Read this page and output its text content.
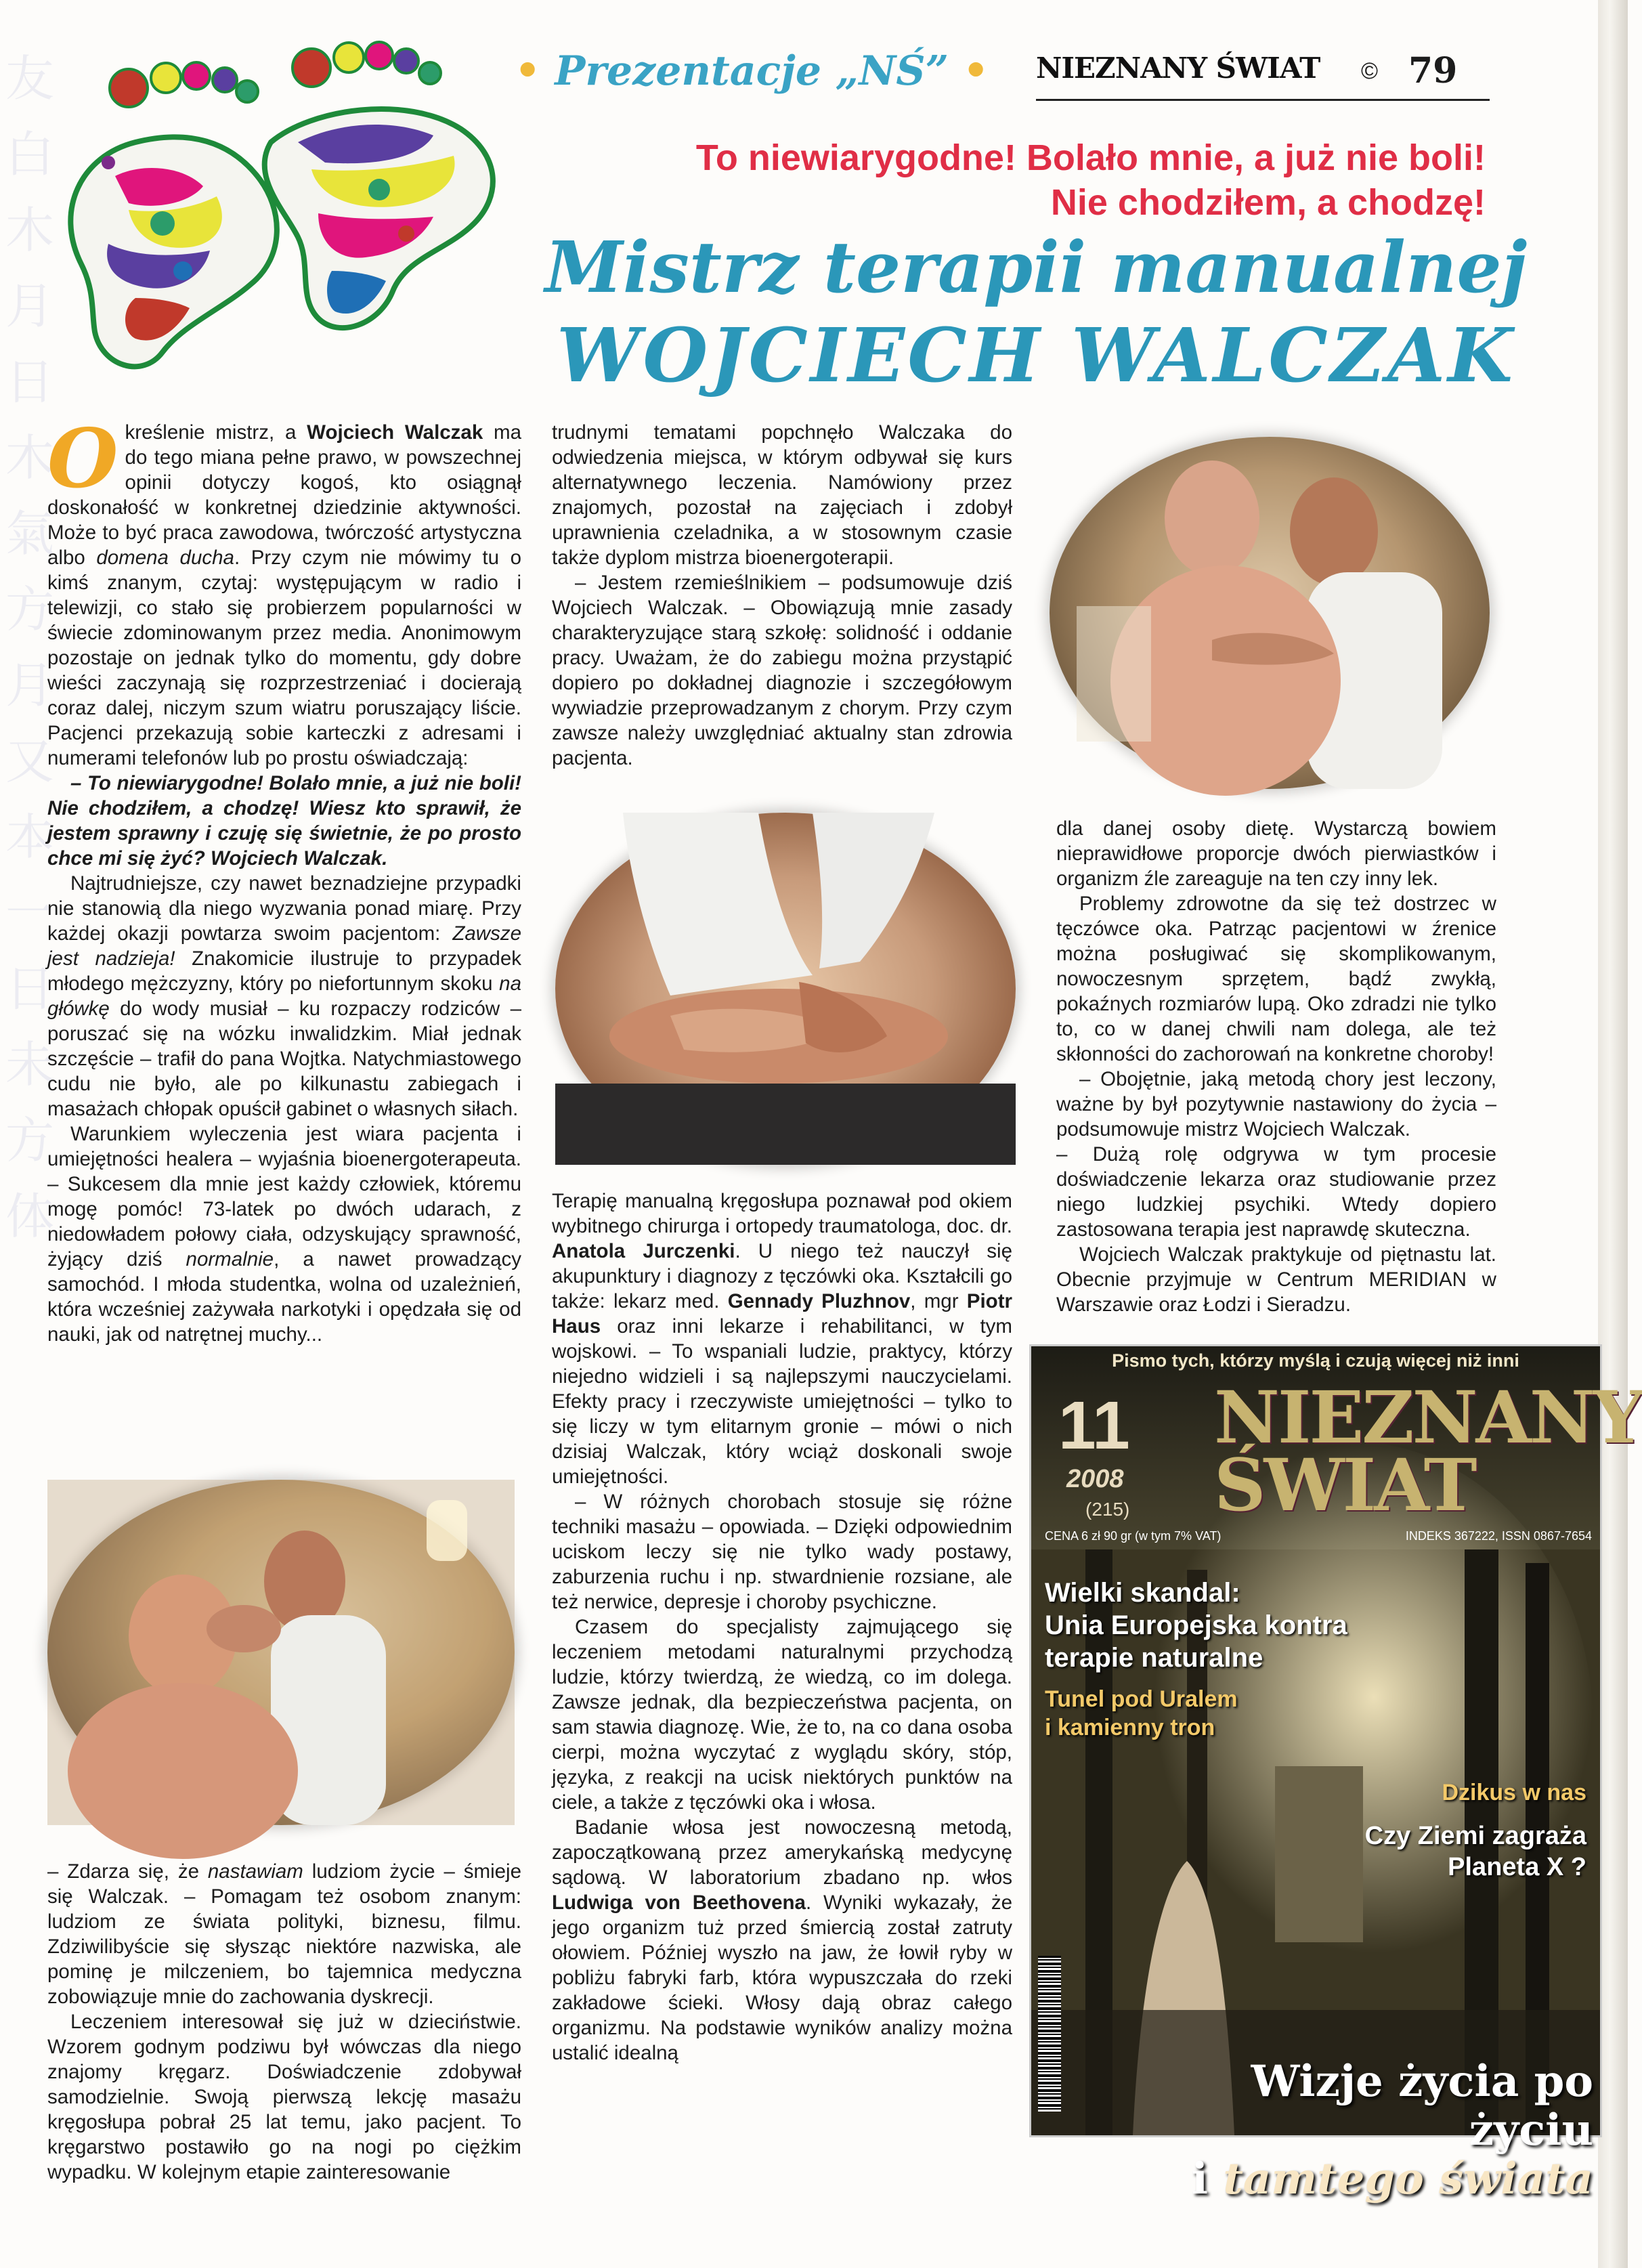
友 白 木 月 日 木 氣 方 月 又 本 一 日 未 方 体
• Prezentacje „NŚ” • NIEZNANY ŚWIAT © 79
To niewiarygodne! Bolało mnie, a już nie boli!
Nie chodziłem, a chodzę!
Mistrz terapii manualnej
WOJCIECH WALCZAK

Określenie mistrz, a Wojciech Walczak ma do tego miana pełne prawo, w powszechnej opinii dotyczy kogoś, kto osiągnął doskonałość w konkretnej dziedzinie aktywności. Może to być praca zawodowa, twórczość artystyczna albo domena ducha. Przy czym nie mówimy tu o kimś znanym, czytaj: występującym w radio i telewizji, co stało się probierzem popularności w świecie zdominowanym przez media. Anonimowym pozostaje on jednak tylko do momentu, gdy dobre wieści zaczynają się rozprzestrzeniać i docierają coraz dalej, niczym szum wiatru poruszający liście. Pacjenci przekazują sobie karteczki z adresami i numerami telefonów lub po prostu oświadczają:

– To niewiarygodne! Bolało mnie, a już nie boli! Nie chodziłem, a chodzę! Wiesz kto sprawił, że jestem sprawny i czuję się świetnie, że po prosto chce mi się żyć? Wojciech Walczak.

Najtrudniejsze, czy nawet beznadziejne przypadki nie stanowią dla niego wyzwania ponad miarę. Przy każdej okazji powtarza swoim pacjentom: Zawsze jest nadzieja! Znakomicie ilustruje to przypadek młodego mężczyzny, który po niefortunnym skoku na główkę do wody musiał – ku rozpaczy rodziców – poruszać się na wózku inwalidzkim. Miał jednak szczęście – trafił do pana Wojtka. Natychmiastowego cudu nie było, ale po kilkunastu zabiegach i masażach chłopak opuścił gabinet o własnych siłach.

Warunkiem wyleczenia jest wiara pacjenta i umiejętności healera – wyjaśnia bioenergoterapeuta. – Sukcesem dla mnie jest każdy człowiek, któremu mogę pomóc! 73-latek po dwóch udarach, z niedowładem połowy ciała, odzyskujący sprawność, żyjący dziś normalnie, a nawet prowadzący samochód. I młoda studentka, wolna od uzależnień, która wcześniej zażywała narkotyki i opędzała się od nauki, jak od natrętnej muchy...

– Zdarza się, że nastawiam ludziom życie – śmieje się Walczak. – Pomagam też osobom znanym: ludziom ze świata polityki, biznesu, filmu. Zdziwilibyście się słysząc niektóre nazwiska, ale pominę je milczeniem, bo tajemnica medyczna zobowiązuje mnie do zachowania dyskrecji.

Leczeniem interesował się już w dzieciństwie. Wzorem godnym podziwu był wówczas dla niego znajomy kręgarz. Doświadczenie zdobywał samodzielnie. Swoją pierwszą lekcję masażu kręgosłupa pobrał 25 lat temu, jako pacjent. To kręgarstwo postawiło go na nogi po ciężkim wypadku. W kolejnym etapie zainteresowanie

trudnymi tematami popchnęło Walczaka do odwiedzenia miejsca, w którym odbywał się kurs alternatywnego leczenia. Namówiony przez znajomych, pozostał na zajęciach i zdobył uprawnienia czeladnika, a w stosownym czasie także dyplom mistrza bioenergoterapii.

– Jestem rzemieślnikiem – podsumowuje dziś Wojciech Walczak. – Obowiązują mnie zasady charakteryzujące starą szkołę: solidność i oddanie pracy. Uważam, że do zabiegu można przystąpić dopiero po dokładnej diagnozie i szczegółowym wywiadzie przeprowadzanym z chorym. Przy czym zawsze należy uwzględniać aktualny stan zdrowia pacjenta.

Terapię manualną kręgosłupa poznawał pod okiem wybitnego chirurga i ortopedy traumatologa, doc. dr. Anatola Jurczenki. U niego też nauczył się akupunktury i diagnozy z tęczówki oka. Kształcili go także: lekarz med. Gennady Pluzhnov, mgr Piotr Haus oraz inni lekarze i rehabilitanci, w tym wojskowi. – To wspaniali ludzie, praktycy, którzy niejedno widzieli i są najlepszymi nauczycielami. Efekty pracy i rzeczywiste umiejętności – tylko to się liczy w tym elitarnym gronie – mówi o nich dzisiaj Walczak, który wciąż doskonali swoje umiejętności.

– W różnych chorobach stosuje się różne techniki masażu – opowiada. – Dzięki odpowiednim uciskom leczy się nie tylko wady postawy, zaburzenia ruchu i np. stwardnienie rozsiane, ale też nerwice, depresje i choroby psychiczne.

Czasem do specjalisty zajmującego się leczeniem metodami naturalnymi przychodzą ludzie, którzy twierdzą, że wiedzą, co im dolega. Zawsze jednak, dla bezpieczeństwa pacjenta, on sam stawia diagnozę. Wie, że to, na co dana osoba cierpi, można wyczytać z wyglądu skóry, stóp, języka, z reakcji na ucisk niektórych punktów na ciele, a także z tęczówki oka i włosa.

Badanie włosa jest nowoczesną metodą, zapoczątkowaną przez amerykańską medycynę sądową. W laboratorium zbadano np. włos Ludwiga von Beethovena. Wyniki wykazały, że jego organizm tuż przed śmiercią został zatruty ołowiem. Później wyszło na jaw, że łowił ryby w pobliżu fabryki farb, która wypuszczała do rzeki zakładowe ścieki. Włosy dają obraz całego organizmu. Na podstawie wyników analizy można ustalić idealną

dla danej osoby dietę. Wystarczą bowiem nieprawidłowe proporcje dwóch pierwiastków i organizm źle zareaguje na ten czy inny lek.

Problemy zdrowotne da się też dostrzec w tęczówce oka. Patrząc pacjentowi w źrenice można posługiwać się skomplikowanym, nowoczesnym sprzętem, bądź zwykłą, pokaźnych rozmiarów lupą. Oko zdradzi nie tylko to, co w danej chwili nam dolega, ale też skłonności do zachorowań na konkretne choroby!

– Obojętnie, jaką metodą chory jest leczony, ważne by był pozytywnie nastawiony do życia – podsumowuje mistrz Wojciech Walczak.

– Dużą rolę odgrywa w tym procesie doświadczenie lekarza oraz studiowanie przez niego ludzkiej psychiki. Wtedy dopiero zastosowana terapia jest naprawdę skuteczna.

Wojciech Walczak praktykuje od piętnastu lat. Obecnie przyjmuje w Centrum MERIDIAN w Warszawie oraz Łodzi i Sieradzu.

Pismo tych, którzy myślą i czują więcej niż inni
11
2008
(215)
NIEZNANY
ŚWIAT
CENA 6 zł 90 gr (w tym 7% VAT)	INDEKS 367222, ISSN 0867-7654
Wielki skandal:
Unia Europejska kontra
terapie naturalne
Tunel pod Uralem
i kamienny tron
Dzikus w nas
Czy Ziemi zagraża
Planeta X ?
Wizje życia po życiu
i tamtego świata
